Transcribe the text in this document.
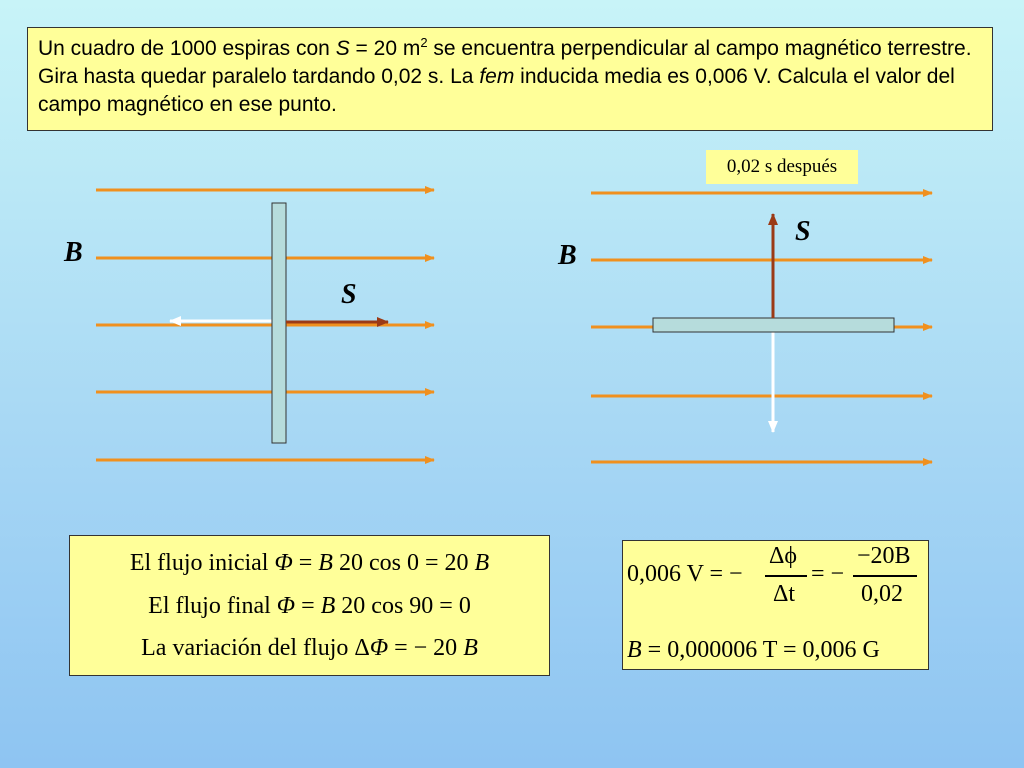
Un cuadro de 1000 espiras con S = 20 $m^2$ se encuentra perpendicular al campo magnético terrestre. Gira hasta quedar paralelo tardando 0,02 s. La fem inducida media es 0,006 V. Calcula el valor del campo magnético en ese punto.
B
S
B
S
0,02 s después
El flujo inicial Φ = B 20 cos 0 = 20 B
El flujo final Φ = B 20 cos 90 = 0
La variación del flujo ΔΦ = − 20 B
0,006 V = −
Δϕ
Δt
= −
−20B
0,02
B = 0,000006 T = 0,006 G
